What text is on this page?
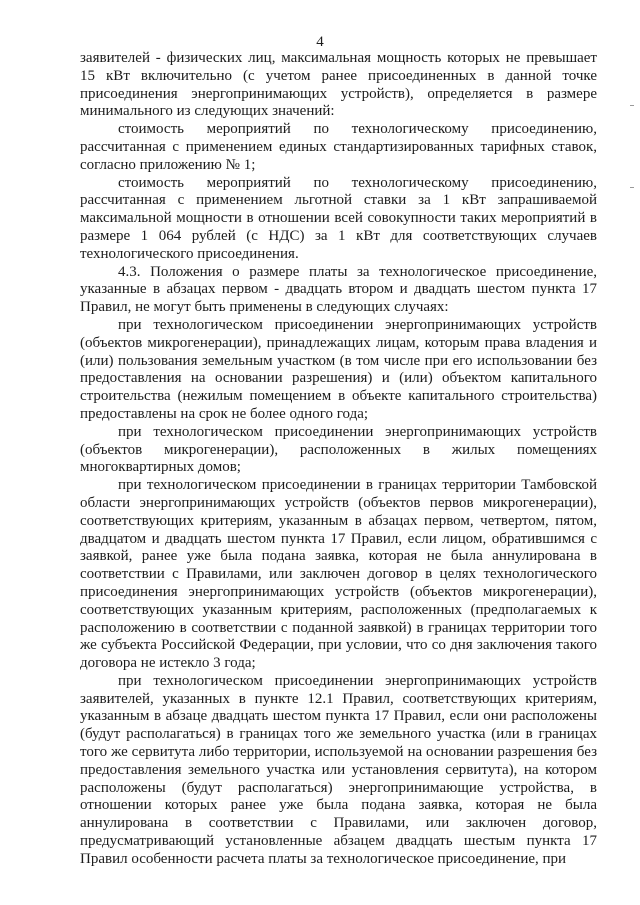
4

заявителей - физических лиц, максимальная мощность которых не превышает 15 кВт включительно (с учетом ранее присоединенных в данной точке присоединения энергопринимающих устройств), определяется в размере минимального из следующих значений:

стоимость мероприятий по технологическому присоединению, рассчитанная с применением единых стандартизированных тарифных ставок, согласно приложению № 1;

стоимость мероприятий по технологическому присоединению, рассчитанная с применением льготной ставки за 1 кВт запрашиваемой максимальной мощности в отношении всей совокупности таких мероприятий в размере 1 064 рублей (с НДС) за 1 кВт для соответствующих случаев технологического присоединения.

4.3. Положения о размере платы за технологическое присоединение, указанные в абзацах первом - двадцать втором и двадцать шестом пункта 17 Правил, не могут быть применены в следующих случаях:

при технологическом присоединении энергопринимающих устройств (объектов микрогенерации), принадлежащих лицам, которым права владения и (или) пользования земельным участком (в том числе при его использовании без предоставления на основании разрешения) и (или) объектом капитального строительства (нежилым помещением в объекте капитального строительства) предоставлены на срок не более одного года;

при технологическом присоединении энергопринимающих устройств (объектов микрогенерации), расположенных в жилых помещениях многоквартирных домов;

при технологическом присоединении в границах территории Тамбовской области энергопринимающих устройств (объектов первов микрогенерации), соответствующих критериям, указанным в абзацах первом, четвертом, пятом, двадцатом и двадцать шестом пункта 17 Правил, если лицом, обратившимся с заявкой, ранее уже была подана заявка, которая не была аннулирована в соответствии с Правилами, или заключен договор в целях технологического присоединения энергопринимающих устройств (объектов микрогенерации), соответствующих указанным критериям, расположенных (предполагаемых к расположению в соответствии с поданной заявкой) в границах территории того же субъекта Российской Федерации, при условии, что со дня заключения такого договора не истекло 3 года;

при технологическом присоединении энергопринимающих устройств заявителей, указанных в пункте 12.1 Правил, соответствующих критериям, указанным в абзаце двадцать шестом пункта 17 Правил, если они расположены (будут располагаться) в границах того же земельного участка (или в границах того же сервитута либо территории, используемой на основании разрешения без предоставления земельного участка или установления сервитута), на котором расположены (будут располагаться) энергопринимающие устройства, в отношении которых ранее уже была подана заявка, которая не была аннулирована в соответствии с Правилами, или заключен договор, предусматривающий установленные абзацем двадцать шестым пункта 17 Правил особенности расчета платы за технологическое присоединение, при
